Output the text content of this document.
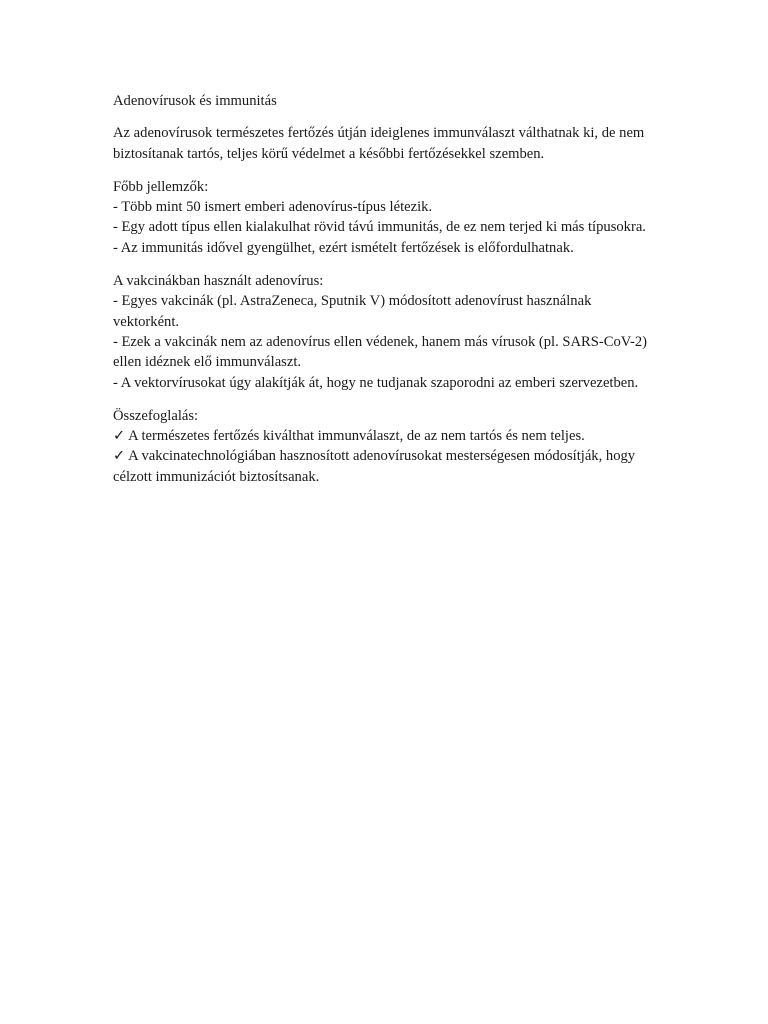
Adenovírusok és immunitás

Az adenovírusok természetes fertőzés útján ideiglenes immunválaszt válthatnak ki, de nem biztosítanak tartós, teljes körű védelmet a későbbi fertőzésekkel szemben.

Főbb jellemzők:
- Több mint 50 ismert emberi adenovírus-típus létezik.
- Egy adott típus ellen kialakulhat rövid távú immunitás, de ez nem terjed ki más típusokra.
- Az immunitás idővel gyengülhet, ezért ismételt fertőzések is előfordulhatnak.
A vakcinákban használt adenovírus:
- Egyes vakcinák (pl. AstraZeneca, Sputnik V) módosított adenovírust használnak vektorként.
- Ezek a vakcinák nem az adenovírus ellen védenek, hanem más vírusok (pl. SARS-CoV-2) ellen idéznek elő immunválaszt.
- A vektorvírusokat úgy alakítják át, hogy ne tudjanak szaporodni az emberi szervezetben.
Összefoglalás:
✓ A természetes fertőzés kiválthat immunválaszt, de az nem tartós és nem teljes.
✓ A vakcinatechnológiában hasznosított adenovírusokat mesterségesen módosítják, hogy célzott immunizációt biztosítsanak.
